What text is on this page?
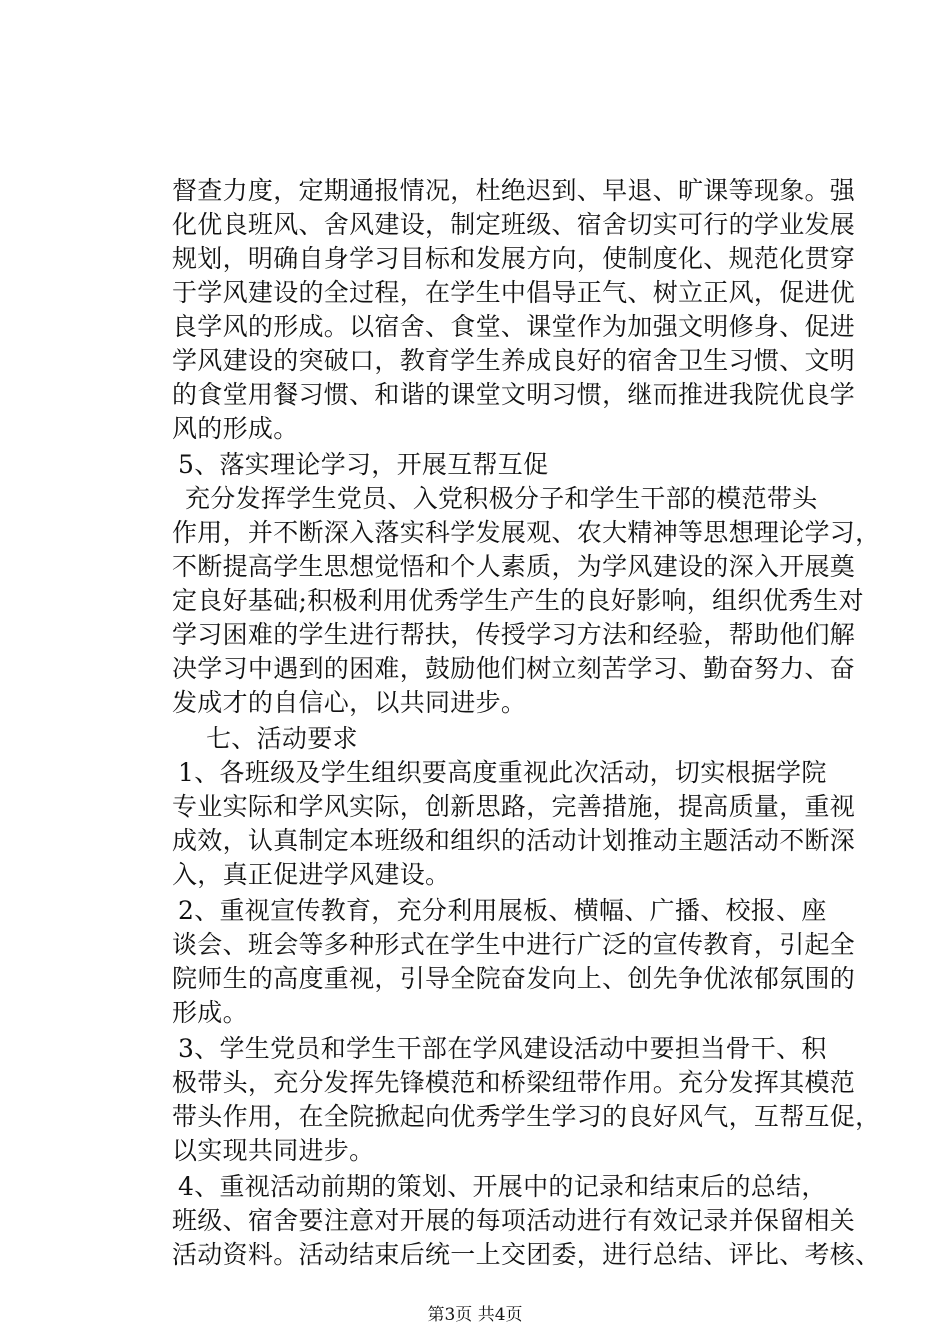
督查力度，定期通报情况，杜绝迟到、早退、旷课等现象。强
化优良班风、舍风建设，制定班级、宿舍切实可行的学业发展
规划，明确自身学习目标和发展方向，使制度化、规范化贯穿
于学风建设的全过程，在学生中倡导正气、树立正风，促进优
良学风的形成。以宿舍、食堂、课堂作为加强文明修身、促进
学风建设的突破口，教育学生养成良好的宿舍卫生习惯、文明
的食堂用餐习惯、和谐的课堂文明习惯，继而推进我院优良学
风的形成。
5、落实理论学习，开展互帮互促
充分发挥学生党员、入党积极分子和学生干部的模范带头
作用，并不断深入落实科学发展观、农大精神等思想理论学习，
不断提高学生思想觉悟和个人素质，为学风建设的深入开展奠
定良好基础;积极利用优秀学生产生的良好影响，组织优秀生对
学习困难的学生进行帮扶，传授学习方法和经验，帮助他们解
决学习中遇到的困难，鼓励他们树立刻苦学习、勤奋努力、奋
发成才的自信心，以共同进步。
七、活动要求
1、各班级及学生组织要高度重视此次活动，切实根据学院
专业实际和学风实际，创新思路，完善措施，提高质量，重视
成效，认真制定本班级和组织的活动计划推动主题活动不断深
入，真正促进学风建设。
2、重视宣传教育，充分利用展板、横幅、广播、校报、座
谈会、班会等多种形式在学生中进行广泛的宣传教育，引起全
院师生的高度重视，引导全院奋发向上、创先争优浓郁氛围的
形成。
3、学生党员和学生干部在学风建设活动中要担当骨干、积
极带头，充分发挥先锋模范和桥梁纽带作用。充分发挥其模范
带头作用，在全院掀起向优秀学生学习的良好风气，互帮互促，
以实现共同进步。
4、重视活动前期的策划、开展中的记录和结束后的总结，
班级、宿舍要注意对开展的每项活动进行有效记录并保留相关
活动资料。活动结束后统一上交团委，进行总结、评比、考核、
第3页 共4页
